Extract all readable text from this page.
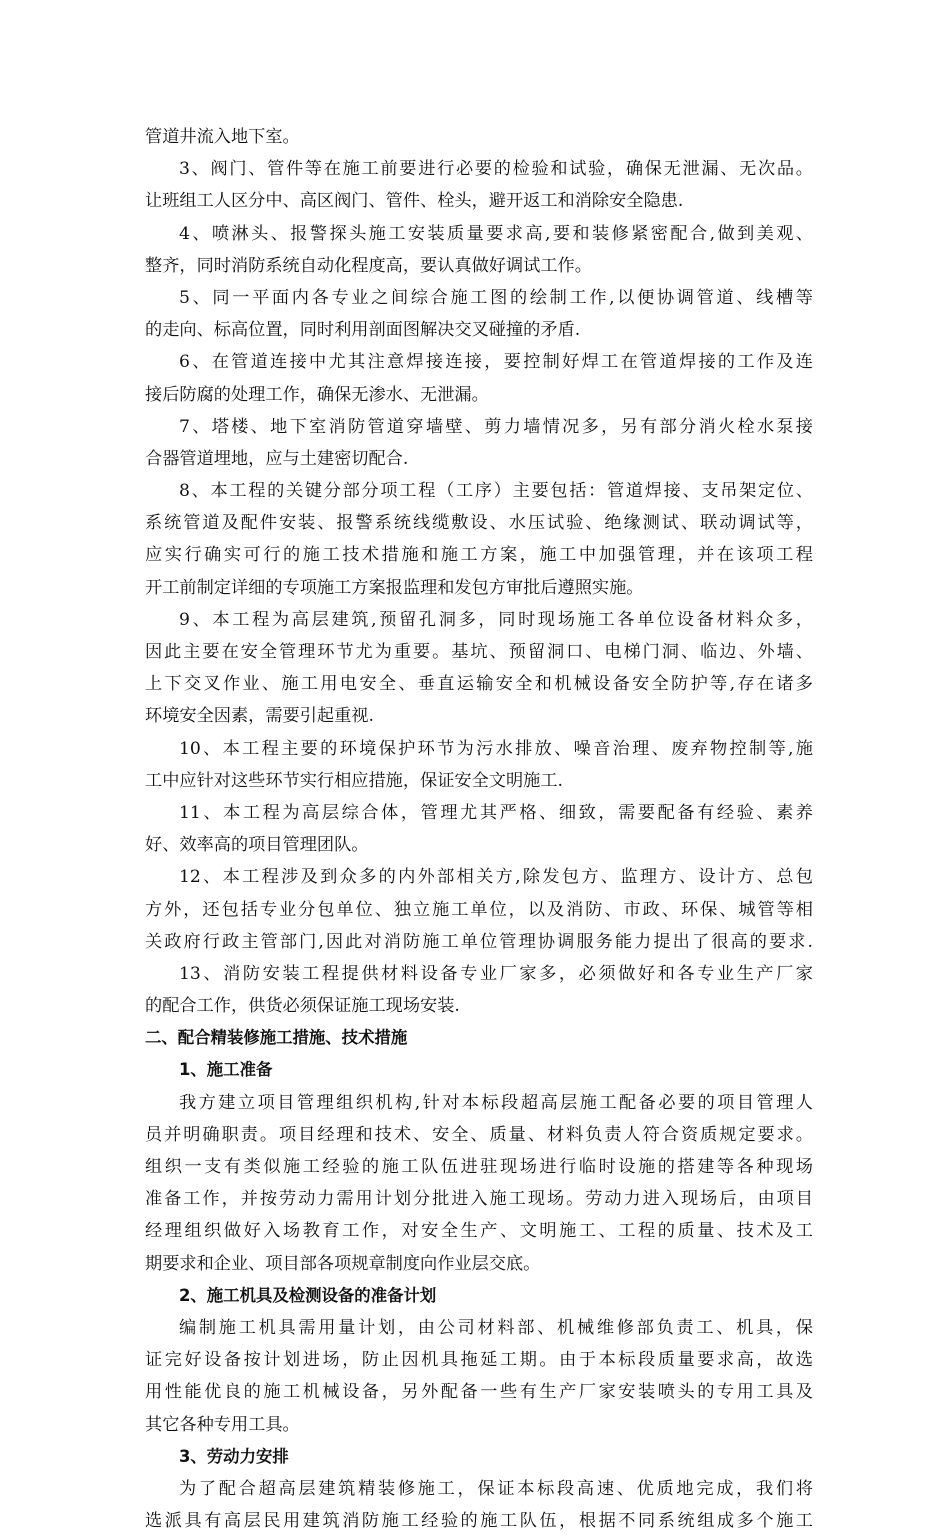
管道井流入地下室。
3、阀门、管件等在施工前要进行必要的检验和试验，确保无泄漏、无次品。
让班组工人区分中、高区阀门、管件、栓头，避开返工和消除安全隐患.
4、喷淋头、报警探头施工安装质量要求高,要和装修紧密配合,做到美观、
整齐，同时消防系统自动化程度高，要认真做好调试工作。
5、同一平面内各专业之间综合施工图的绘制工作,以便协调管道、线槽等
的走向、标高位置，同时利用剖面图解决交叉碰撞的矛盾.
6、在管道连接中尤其注意焊接连接，要控制好焊工在管道焊接的工作及连
接后防腐的处理工作，确保无渗水、无泄漏。
7、塔楼、地下室消防管道穿墙壁、剪力墙情况多，另有部分消火栓水泵接
合器管道埋地，应与土建密切配合.
8、本工程的关键分部分项工程（工序）主要包括：管道焊接、支吊架定位、
系统管道及配件安装、报警系统线缆敷设、水压试验、绝缘测试、联动调试等，
应实行确实可行的施工技术措施和施工方案，施工中加强管理，并在该项工程
开工前制定详细的专项施工方案报监理和发包方审批后遵照实施。
9、本工程为高层建筑,预留孔洞多，同时现场施工各单位设备材料众多，
因此主要在安全管理环节尤为重要。基坑、预留洞口、电梯门洞、临边、外墙、
上下交叉作业、施工用电安全、垂直运输安全和机械设备安全防护等,存在诸多
环境安全因素，需要引起重视.
10、本工程主要的环境保护环节为污水排放、噪音治理、废弃物控制等,施
工中应针对这些环节实行相应措施，保证安全文明施工.
11、本工程为高层综合体，管理尤其严格、细致，需要配备有经验、素养
好、效率高的项目管理团队。
12、本工程涉及到众多的内外部相关方,除发包方、监理方、设计方、总包
方外，还包括专业分包单位、独立施工单位，以及消防、市政、环保、城管等相
关政府行政主管部门,因此对消防施工单位管理协调服务能力提出了很高的要求.
13、消防安装工程提供材料设备专业厂家多，必须做好和各专业生产厂家
的配合工作，供货必须保证施工现场安装.
二、配合精装修施工措施、技术措施
1、施工准备
我方建立项目管理组织机构,针对本标段超高层施工配备必要的项目管理人
员并明确职责。项目经理和技术、安全、质量、材料负责人符合资质规定要求。
组织一支有类似施工经验的施工队伍进驻现场进行临时设施的搭建等各种现场
准备工作，并按劳动力需用计划分批进入施工现场。劳动力进入现场后，由项目
经理组织做好入场教育工作，对安全生产、文明施工、工程的质量、技术及工
期要求和企业、项目部各项规章制度向作业层交底。
2、施工机具及检测设备的准备计划
编制施工机具需用量计划，由公司材料部、机械维修部负责工、机具，保
证完好设备按计划进场，防止因机具拖延工期。由于本标段质量要求高，故选
用性能优良的施工机械设备，另外配备一些有生产厂家安装喷头的专用工具及
其它各种专用工具。
3、劳动力安排
为了配合超高层建筑精装修施工，保证本标段高速、优质地完成，我们将
选派具有高层民用建筑消防施工经验的施工队伍，根据不同系统组成多个施工
